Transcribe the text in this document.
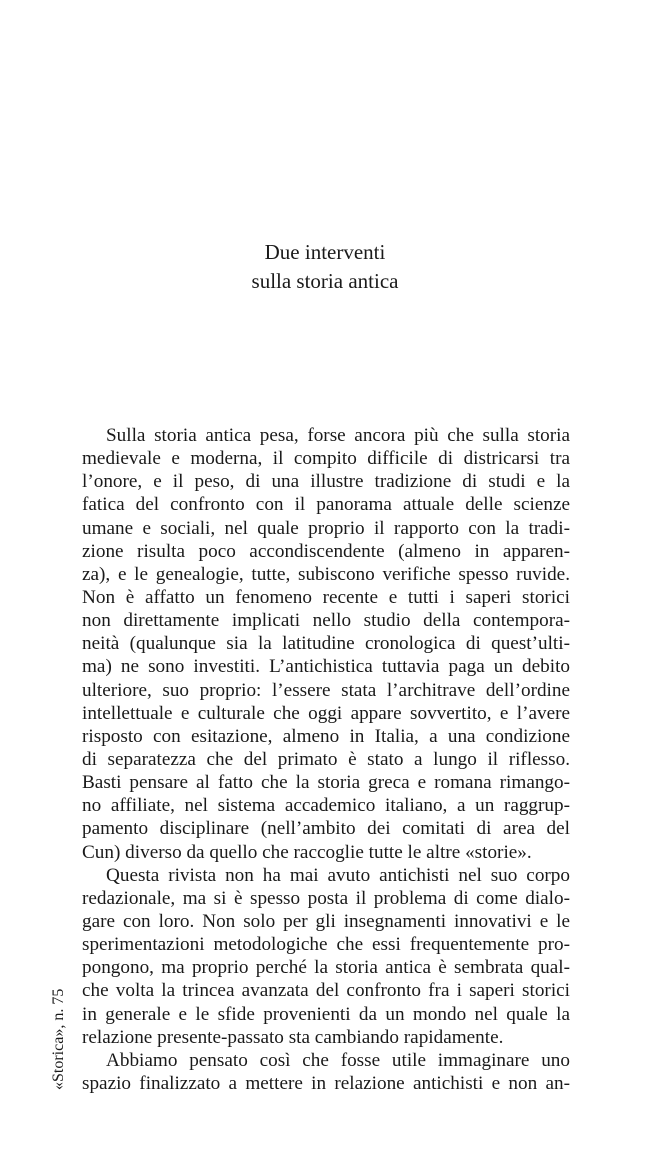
Due interventi
sulla storia antica
Sulla storia antica pesa, forse ancora più che sulla storia
medievale e moderna, il compito difficile di districarsi tra
l’onore, e il peso, di una illustre tradizione di studi e la
fatica del confronto con il panorama attuale delle scienze
umane e sociali, nel quale proprio il rapporto con la tradi-
zione risulta poco accondiscendente (almeno in apparen-
za), e le genealogie, tutte, subiscono verifiche spesso ruvide.
Non è affatto un fenomeno recente e tutti i saperi storici
non direttamente implicati nello studio della contempora-
neità (qualunque sia la latitudine cronologica di quest’ulti-
ma) ne sono investiti. L’antichistica tuttavia paga un debito
ulteriore, suo proprio: l’essere stata l’architrave dell’ordine
intellettuale e culturale che oggi appare sovvertito, e l’avere
risposto con esitazione, almeno in Italia, a una condizione
di separatezza che del primato è stato a lungo il riflesso.
Basti pensare al fatto che la storia greca e romana rimango-
no affiliate, nel sistema accademico italiano, a un raggrup-
pamento disciplinare (nell’ambito dei comitati di area del
Cun) diverso da quello che raccoglie tutte le altre «storie».
Questa rivista non ha mai avuto antichisti nel suo corpo
redazionale, ma si è spesso posta il problema di come dialo-
gare con loro. Non solo per gli insegnamenti innovativi e le
sperimentazioni metodologiche che essi frequentemente pro-
pongono, ma proprio perché la storia antica è sembrata qual-
che volta la trincea avanzata del confronto fra i saperi storici
in generale e le sfide provenienti da un mondo nel quale la
relazione presente-passato sta cambiando rapidamente.
Abbiamo pensato così che fosse utile immaginare uno
spazio finalizzato a mettere in relazione antichisti e non an-
«Storica», n. 75
